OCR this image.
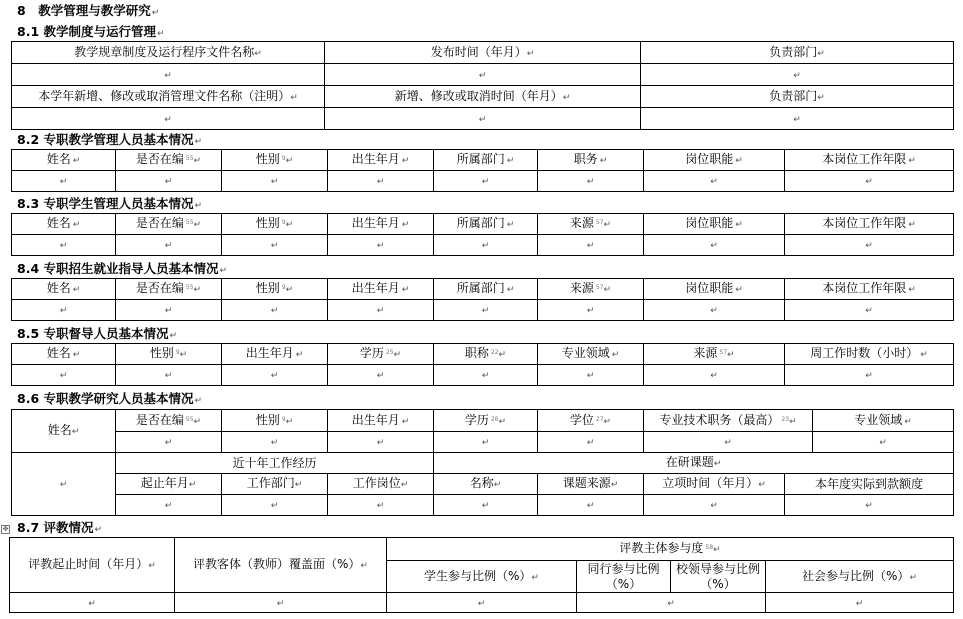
8　教学管理与教学研究↵
8.1 教学制度与运行管理↵
教学规章制度及运行程序文件名称↵	发布时间（年月）↵	负责部门↵
↵	↵	↵
本学年新增、修改或取消管理文件名称（注明）↵	新增、修改或取消时间（年月）↵	负责部门↵
↵	↵	↵
8.2 专职教学管理人员基本情况↵
姓名 ↵	是否在编 $^{55}$↵	性别 $^9$↵	出生年月 ↵	所属部门 ↵	职务 ↵	岗位职能 ↵	本岗位工作年限 ↵
↵	↵	↵	↵	↵	↵	↵	↵
8.3 专职学生管理人员基本情况↵
姓名 ↵	是否在编 $^{55}$↵	性别 $^9$↵	出生年月 ↵	所属部门 ↵	来源 $^{57}$↵	岗位职能 ↵	本岗位工作年限 ↵
↵	↵	↵	↵	↵	↵	↵	↵
8.4 专职招生就业指导人员基本情况↵
姓名 ↵	是否在编 $^{55}$↵	性别 $^9$↵	出生年月 ↵	所属部门 ↵	来源 $^{57}$↵	岗位职能 ↵	本岗位工作年限 ↵
↵	↵	↵	↵	↵	↵	↵	↵
8.5 专职督导人员基本情况↵
姓名 ↵	性别 $^9$↵	出生年月 ↵	学历 $^{25}$↵	职称 $^{22}$↵	专业领域 ↵	来源 $^{57}$↵	周工作时数（小时） ↵
↵	↵	↵	↵	↵	↵	↵	↵
8.6 专职教学研究人员基本情况↵
姓名↵	是否在编 $^{55}$↵	性别 $^9$↵	出生年月 ↵	学历 $^{26}$↵	学位 $^{27}$↵	专业技术职务（最高） $^{23}$↵		专业领域 ↵
	↵	↵	↵	↵	↵	↵		↵
↵	近十年工作经历			在研课题↵				
	起止年月↵	工作部门↵	工作岗位↵	名称↵	课题来源↵	立项时间（年月）↵	本年度实际到款额度	
	↵	↵	↵	↵	↵	↵	↵	
✥ 8.7 评教情况↵
评教起止时间（年月）↵	评教客体（教师）覆盖面（%）↵	评教主体参与度 $^{58}$↵			
		学生参与比例（%）↵	同行参与比例（%）	校领导参与比例（%）	社会参与比例（%）↵
↵	↵	↵	↵		↵
